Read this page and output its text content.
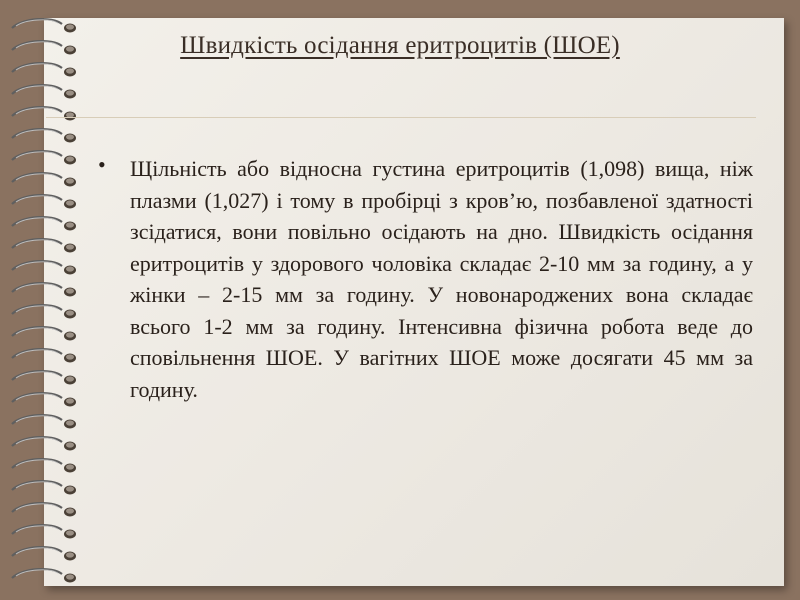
Швидкість осідання еритроцитів (ШОЕ)
• Щільність або відносна густина еритроцитів (1,098) вища, ніж плазми (1,027) і тому в пробірці з кров’ю, позбавленої здатності зсідатися, вони повільно осідають на дно. Швидкість осідання еритроцитів у здорового чоловіка складає 2-10 мм за годину, а у жінки – 2-15 мм за годину. У новонароджених вона складає всього 1-2 мм за годину. Інтенсивна фізична робота веде до сповільнення ШОЕ. У вагітних ШОЕ може досягати 45 мм за годину.
